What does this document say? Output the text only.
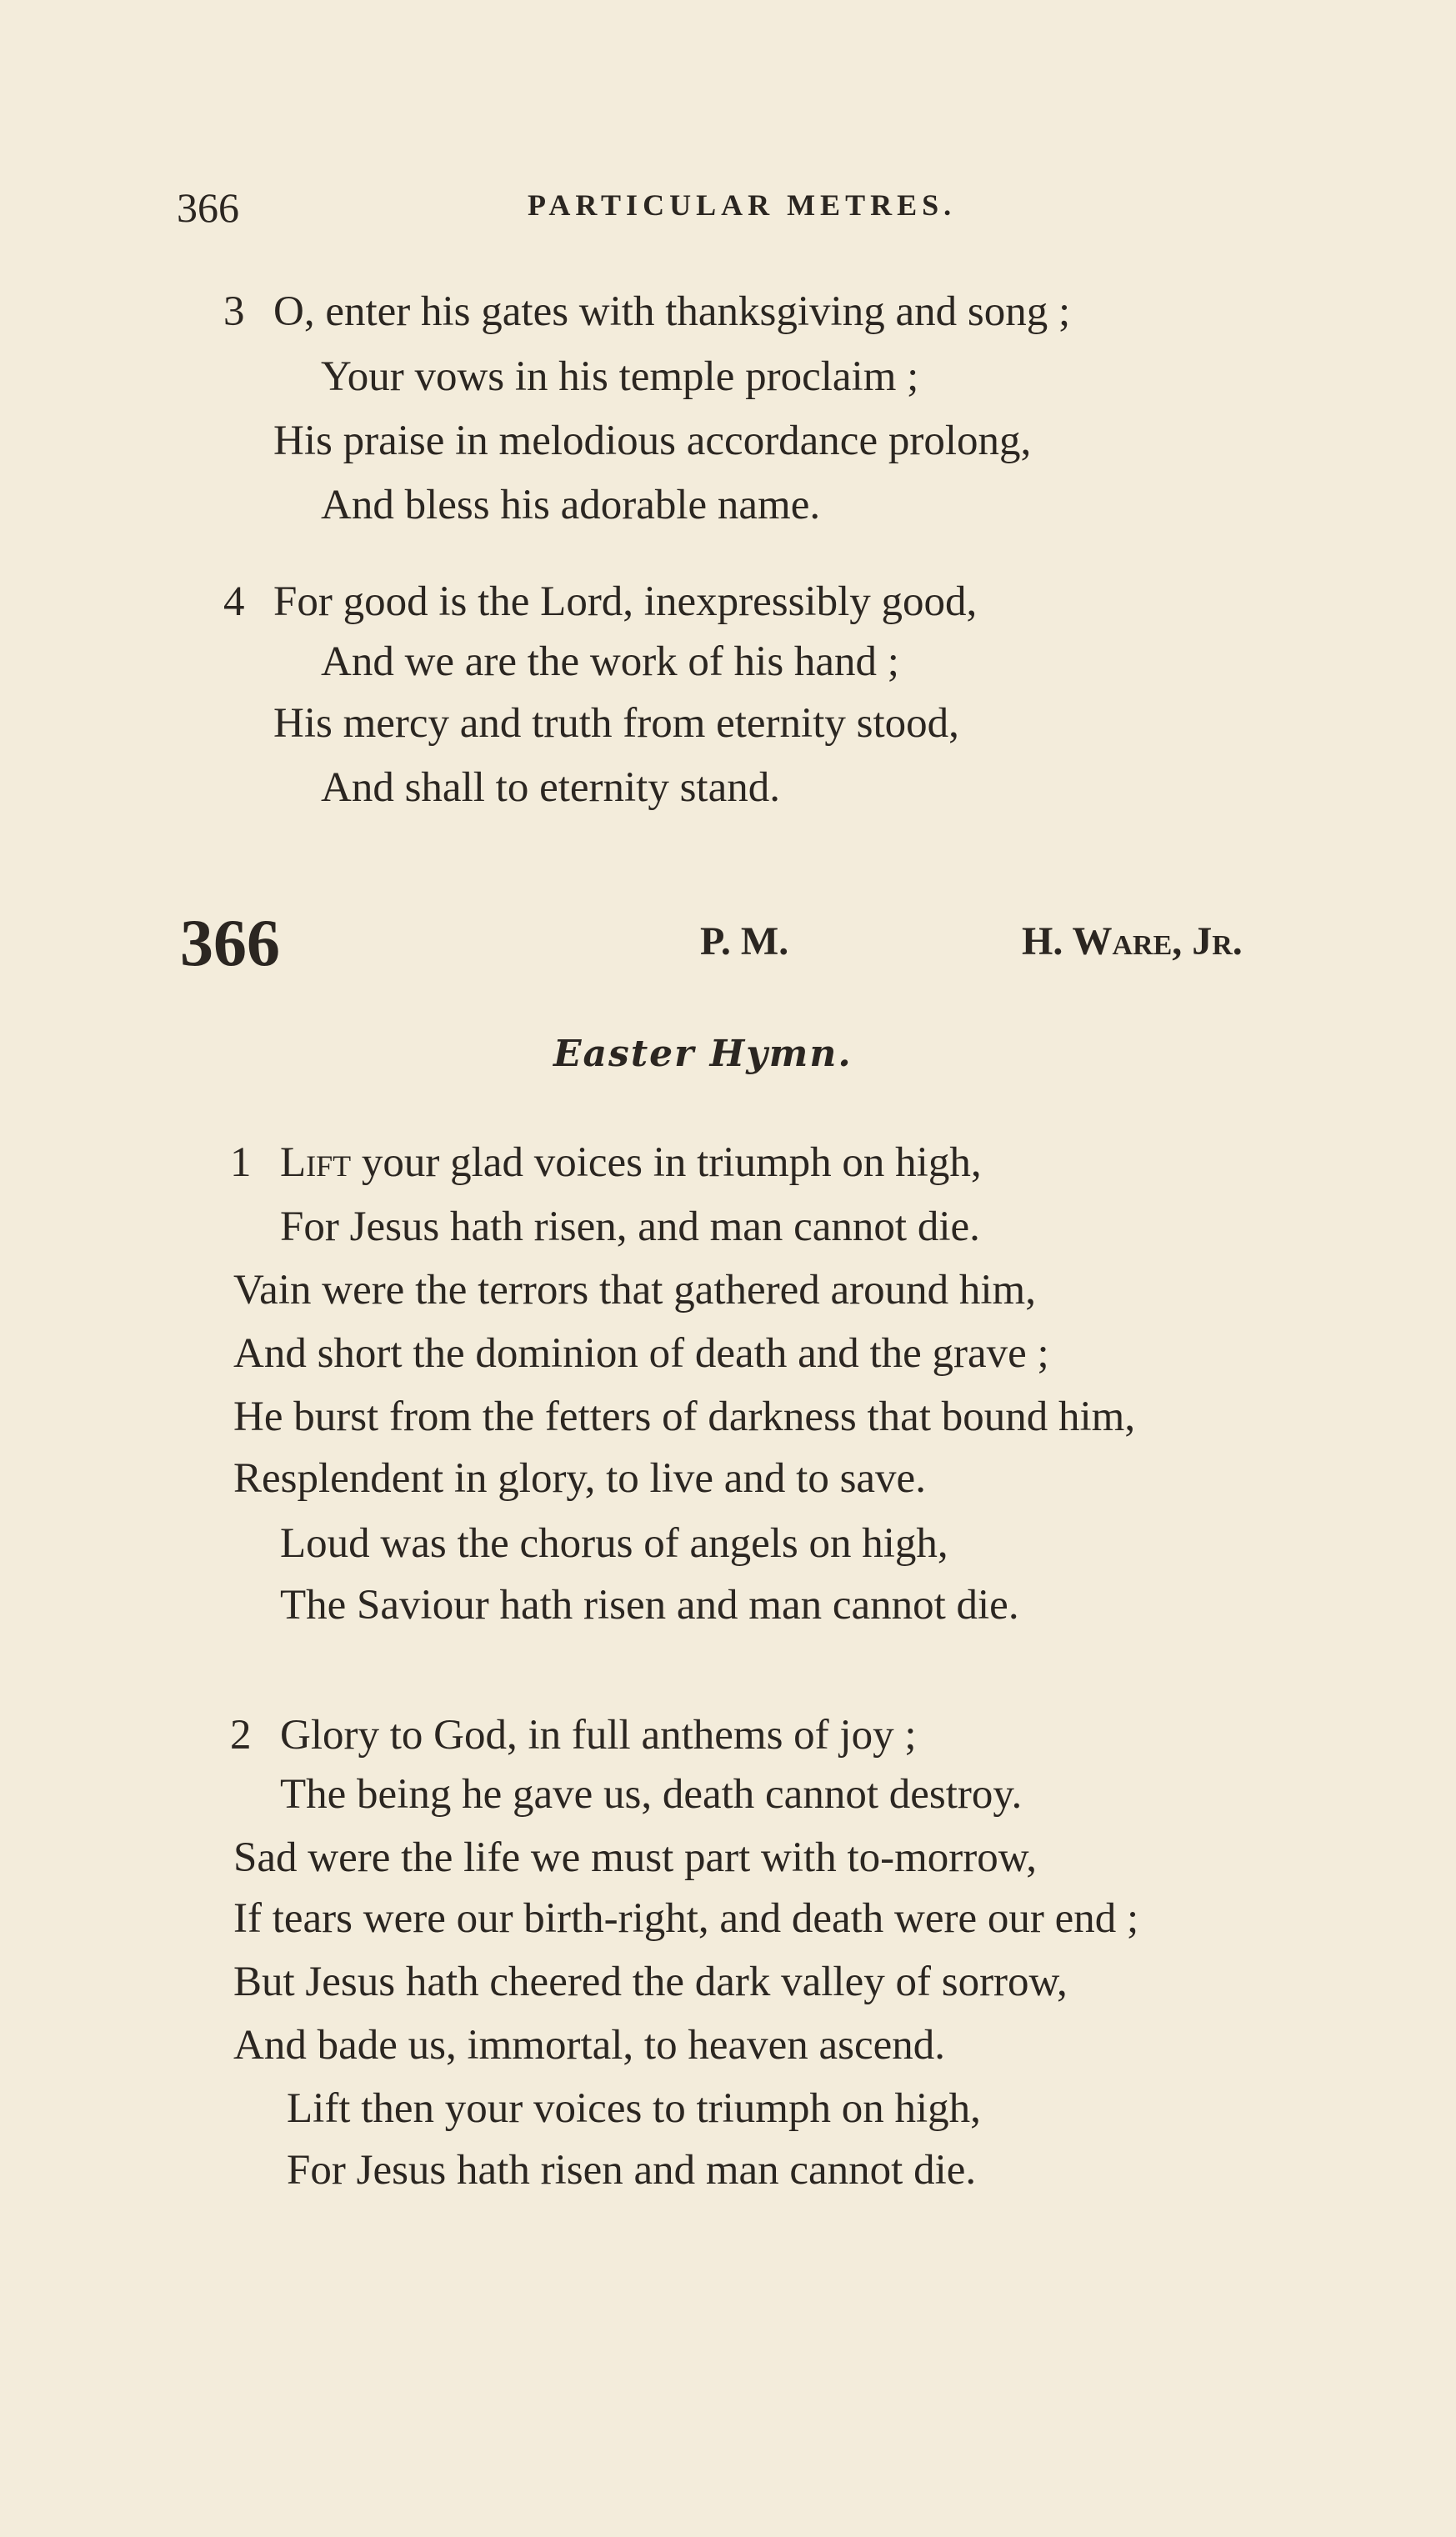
366	PARTICULAR METRES.
3 O, enter his gates with thanksgiving and song ;
Your vows in his temple proclaim ;
His praise in melodious accordance prolong,
And bless his adorable name.
4 For good is the Lord, inexpressibly good,
And we are the work of his hand ;
His mercy and truth from eternity stood,
And shall to eternity stand.
366	P. M.	H. Ware, Jr.
Easter Hymn.
1 Lift your glad voices in triumph on high,
For Jesus hath risen, and man cannot die.
Vain were the terrors that gathered around him,
And short the dominion of death and the grave ;
He burst from the fetters of darkness that bound him,
Resplendent in glory, to live and to save.
Loud was the chorus of angels on high,
The Saviour hath risen and man cannot die.
2 Glory to God, in full anthems of joy ;
The being he gave us, death cannot destroy.
Sad were the life we must part with to-morrow,
If tears were our birth-right, and death were our end ;
But Jesus hath cheered the dark valley of sorrow,
And bade us, immortal, to heaven ascend.
Lift then your voices to triumph on high,
For Jesus hath risen and man cannot die.
